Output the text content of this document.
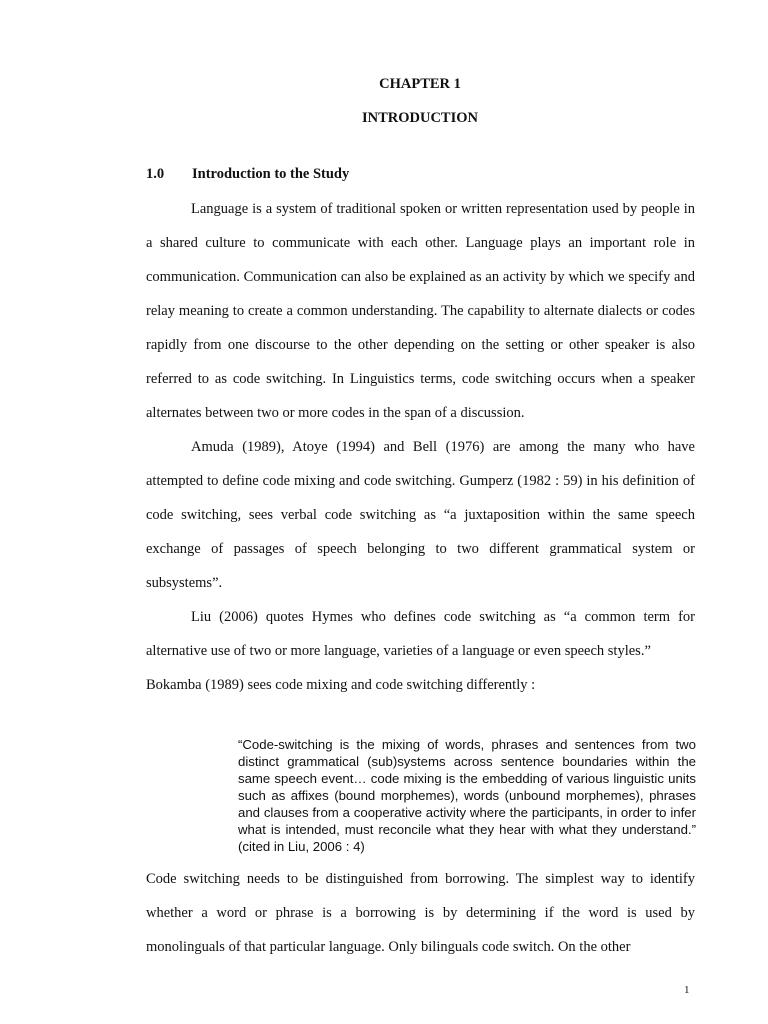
CHAPTER 1
INTRODUCTION
1.0 Introduction to the Study

Language is a system of traditional spoken or written representation used by people in a shared culture to communicate with each other. Language plays an important role in communication. Communication can also be explained as an activity by which we specify and relay meaning to create a common understanding. The capability to alternate dialects or codes rapidly from one discourse to the other depending on the setting or other speaker is also referred to as code switching. In Linguistics terms, code switching occurs when a speaker alternates between two or more codes in the span of a discussion.

Amuda (1989), Atoye (1994) and Bell (1976) are among the many who have attempted to define code mixing and code switching. Gumperz (1982 : 59) in his definition of code switching, sees verbal code switching as “a juxtaposition within the same speech exchange of passages of speech belonging to two different grammatical system or subsystems”.

Liu (2006) quotes Hymes who defines code switching as “a common term for alternative use of two or more language, varieties of a language or even speech styles.”

Bokamba (1989) sees code mixing and code switching differently :

“Code-switching is the mixing of words, phrases and sentences from two distinct grammatical (sub)systems across sentence boundaries within the same speech event… code mixing is the embedding of various linguistic units such as affixes (bound morphemes), words (unbound morphemes), phrases and clauses from a cooperative activity where the participants, in order to infer what is intended, must reconcile what they hear with what they understand.” (cited in Liu, 2006 : 4)

Code switching needs to be distinguished from borrowing. The simplest way to identify whether a word or phrase is a borrowing is by determining if the word is used by monolinguals of that particular language. Only bilinguals code switch. On the other

1
